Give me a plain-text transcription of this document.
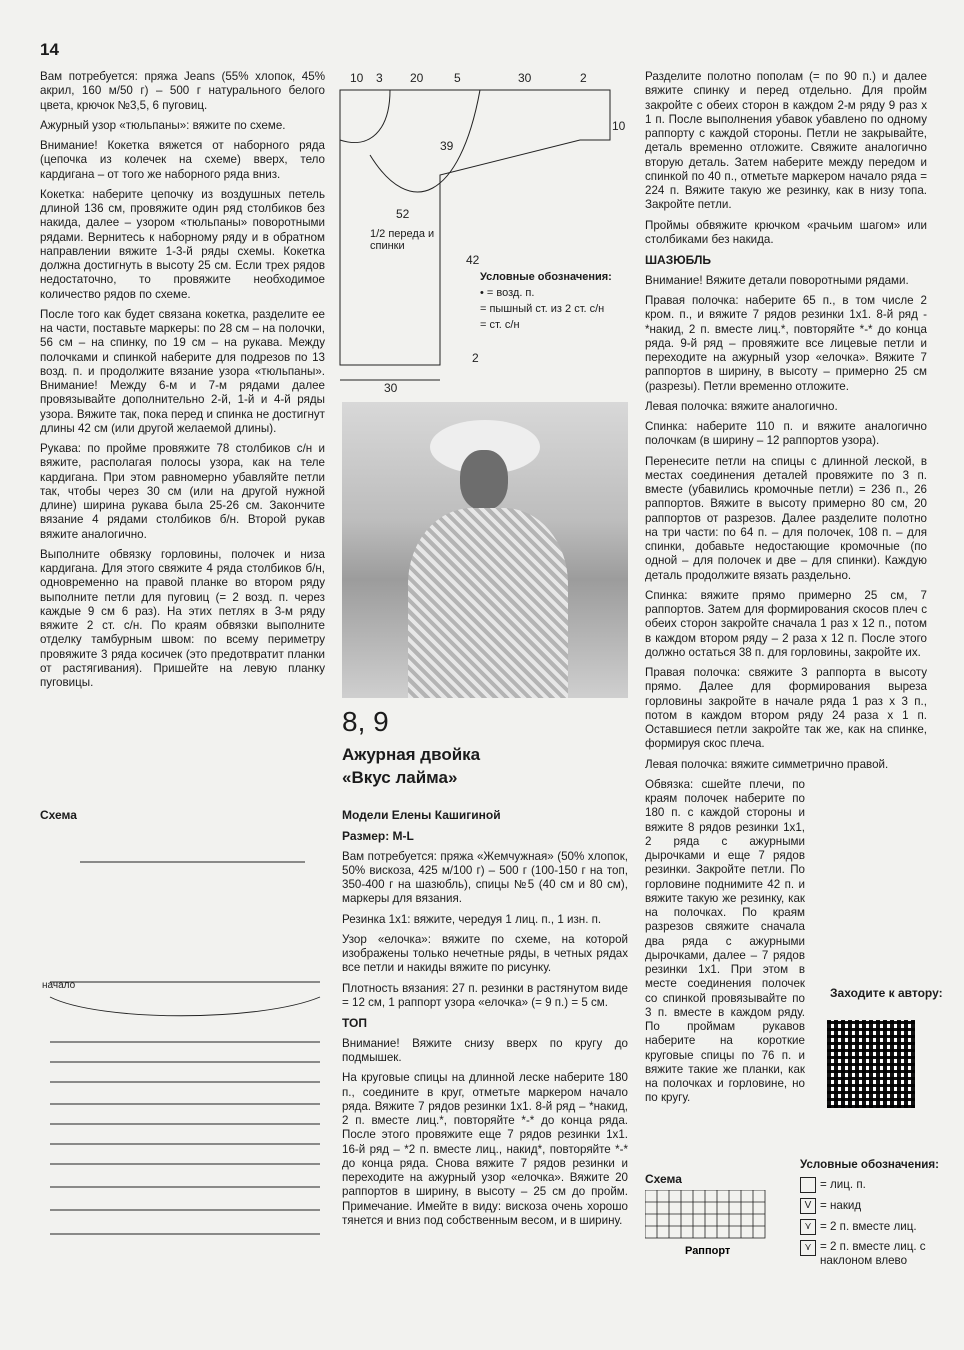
14

Вам потребуется: пряжа Jeans (55% хлопок, 45% акрил, 160 м/50 г) – 500 г натурального белого цвета, крючок №3,5, 6 пуговиц.

Ажурный узор «тюльпаны»: вяжите по схеме.

Внимание! Кокетка вяжется от наборного ряда (цепочка из колечек на схеме) вверх, тело кардигана – от того же наборного ряда вниз.

Кокетка: наберите цепочку из воздушных петель длиной 136 см, провяжите один ряд столбиков без накида, далее – узором «тюльпаны» поворотными рядами. Вернитесь к наборному ряду и в обратном направлении вяжите 1-3-й ряды схемы. Кокетка должна достигнуть в высоту 25 см. Если трех рядов недостаточно, то провяжите необходимое количество рядов по схеме.

После того как будет связана кокетка, разделите ее на части, поставьте маркеры: по 28 см – на полочки, 56 см – на спинку, по 19 см – на рукава. Между полочками и спинкой наберите для подрезов по 13 возд. п. и продолжите вязание узора «тюльпаны». Внимание! Между 6-м и 7-м рядами далее провязывайте дополнительно 2-й, 1-й и 4-й ряды узора. Вяжите так, пока перед и спинка не достигнут длины 42 см (или другой желаемой длины).

Рукава: по пройме провяжите 78 столбиков с/н и вяжите, располагая полосы узора, как на теле кардигана. При этом равномерно убавляйте петли так, чтобы через 30 см (или на другой нужной длине) ширина рукава была 25-26 см. Закончите вязание 4 рядами столбиков б/н. Второй рукав вяжите аналогично.

Выполните обвязку горловины, полочек и низа кардигана. Для этого свяжите 4 ряда столбиков б/н, одновременно на правой планке во втором ряду выполните петли для пуговиц (= 2 возд. п. через каждые 9 см 6 раз). На этих петлях в 3-м ряду вяжите 2 ст. с/н. По краям обвязки выполните отделку тамбурным швом: по всему периметру провяжите 3 ряда косичек (это предотвратит планки от растягивания). Пришейте на левую планку пуговицы.

Схема
начало
10 3 20	5	30	2
10
39
52
42
2
30
1/2 переда и спинки
Условные обозначения:
• = возд. п.
= пышный ст. из 2 ст. с/н
= ст. с/н
8, 9
Ажурная двойка
«Вкус лайма»

Модели Елены Кашигиной

Размер: M-L

Вам потребуется: пряжа «Жемчужная» (50% хлопок, 50% вискоза, 425 м/100 г) – 500 г (100-150 г на топ, 350-400 г на шазюбль), спицы №5 (40 см и 80 см), маркеры для вязания.

Резинка 1x1: вяжите, чередуя 1 лиц. п., 1 изн. п.

Узор «елочка»: вяжите по схеме, на которой изображены только нечетные ряды, в четных рядах все петли и накиды вяжите по рисунку.

Плотность вязания: 27 п. резинки в растянутом виде = 12 см, 1 раппорт узора «елочка» (= 9 п.) = 5 см.

ТОП

Внимание! Вяжите снизу вверх по кругу до подмышек.

На круговые спицы на длинной леске наберите 180 п., соедините в круг, отметьте маркером начало ряда. Вяжите 7 рядов резинки 1x1. 8-й ряд – *накид, 2 п. вместе лиц.*, повторяйте *-* до конца ряда. После этого провяжите еще 7 рядов резинки 1x1. 16-й ряд – *2 п. вместе лиц., накид*, повторяйте *-* до конца ряда. Снова вяжите 7 рядов резинки и переходите на ажурный узор «елочка». Вяжите 20 раппортов в ширину, в высоту – 25 см до пройм. Примечание. Имейте в виду: вискоза очень хорошо тянется и вниз под собственным весом, и в ширину.

Разделите полотно пополам (= по 90 п.) и далее вяжите спинку и перед отдельно. Для пройм закройте с обеих сторон в каждом 2-м ряду 9 раз x 1 п. После выполнения убавок убавлено по одному раппорту с каждой стороны. Петли не закрывайте, деталь временно отложите. Свяжите аналогично вторую деталь. Затем наберите между передом и спинкой по 40 п., отметьте маркером начало ряда = 224 п. Вяжите такую же резинку, как в низу топа. Закройте петли.

Проймы обвяжите крючком «рачьим шагом» или столбиками без накида.

ШАЗЮБЛЬ

Внимание! Вяжите детали поворотными рядами.

Правая полочка: наберите 65 п., в том числе 2 кром. п., и вяжите 7 рядов резинки 1x1. 8-й ряд - *накид, 2 п. вместе лиц.*, повторяйте *-* до конца ряда. 9-й ряд – провяжите все лицевые петли и переходите на ажурный узор «елочка». Вяжите 7 раппортов в ширину, в высоту – примерно 25 см (разрезы). Петли временно отложите.

Левая полочка: вяжите аналогично.

Спинка: наберите 110 п. и вяжите аналогично полочкам (в ширину – 12 раппортов узора).

Перенесите петли на спицы с длинной леской, в местах соединения деталей провяжите по 3 п. вместе (убавились кромочные петли) = 236 п., 26 раппортов. Вяжите в высоту примерно 80 см, 20 раппортов от разрезов. Далее разделите полотно на три части: по 64 п. – для полочек, 108 п. – для спинки, добавьте недостающие кромочные (по одной – для полочек и две – для спинки). Каждую деталь продолжите вязать раздельно.

Спинка: вяжите прямо примерно 25 см, 7 раппортов. Затем для формирования скосов плеч с обеих сторон закройте сначала 1 раз x 12 п., потом в каждом втором ряду – 2 раза x 12 п. После этого должно остаться 38 п. для горловины, закройте их.

Правая полочка: свяжите 3 раппорта в высоту прямо. Далее для формирования выреза горловины закройте в начале ряда 1 раз x 3 п., потом в каждом втором ряду 24 раза x 1 п. Оставшиеся петли закройте так же, как на спинке, формируя скос плеча.

Левая полочка: вяжите симметрично правой.

Обвязка: сшейте плечи, по краям полочек наберите по 180 п. с каждой стороны и вяжите 8 рядов резинки 1x1, 2 ряда с ажурными дырочками и еще 7 рядов резинки. Закройте петли. По горловине поднимите 42 п. и вяжите такую же резинку, как на полочках. По краям разрезов свяжите сначала два ряда с ажурными дырочками, далее – 7 рядов резинки 1x1. При этом в месте соединения полочек со спинкой провязывайте по 3 п. вместе в каждом ряду. По проймам рукавов наберите на короткие круговые спицы по 76 п. и вяжите такие же планки, как на полочках и горловине, но по кругу.

Заходите к автору:
Схема
Раппорт
Условные обозначения:
= лиц. п.
V = накид
⋎ = 2 п. вместе лиц.
⋎ = 2 п. вместе лиц. с наклоном влево
